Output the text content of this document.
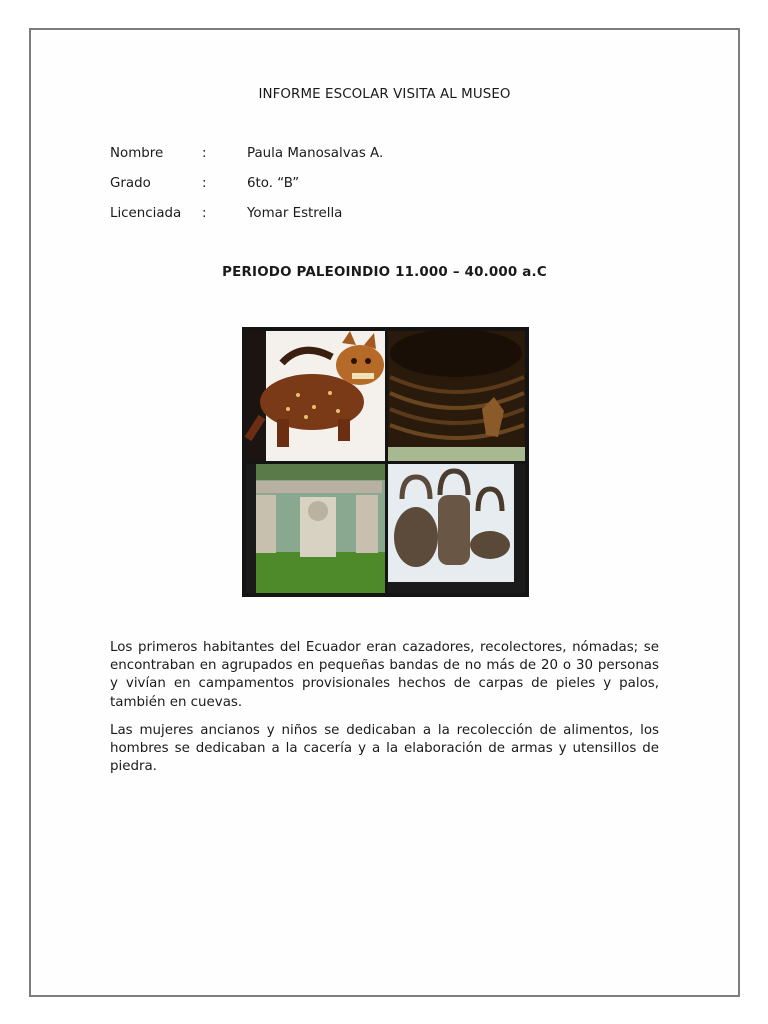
INFORME ESCOLAR VISITA AL MUSEO
Nombre	:	Paula Manosalvas A.
Grado	:	6to. “B”
Licenciada :	Yomar Estrella
PERIODO PALEOINDIO 11.000 – 40.000 a.C

Los primeros habitantes del Ecuador eran cazadores, recolectores, nómadas; se encontraban en agrupados en pequeñas bandas de no más de 20 o 30 personas y vivían en campamentos provisionales hechos de carpas de pieles y palos, también en cuevas.

Las mujeres ancianos y niños se dedicaban a la recolección de alimentos, los hombres se dedicaban a la cacería y a la elaboración de armas y utensillos de piedra.
